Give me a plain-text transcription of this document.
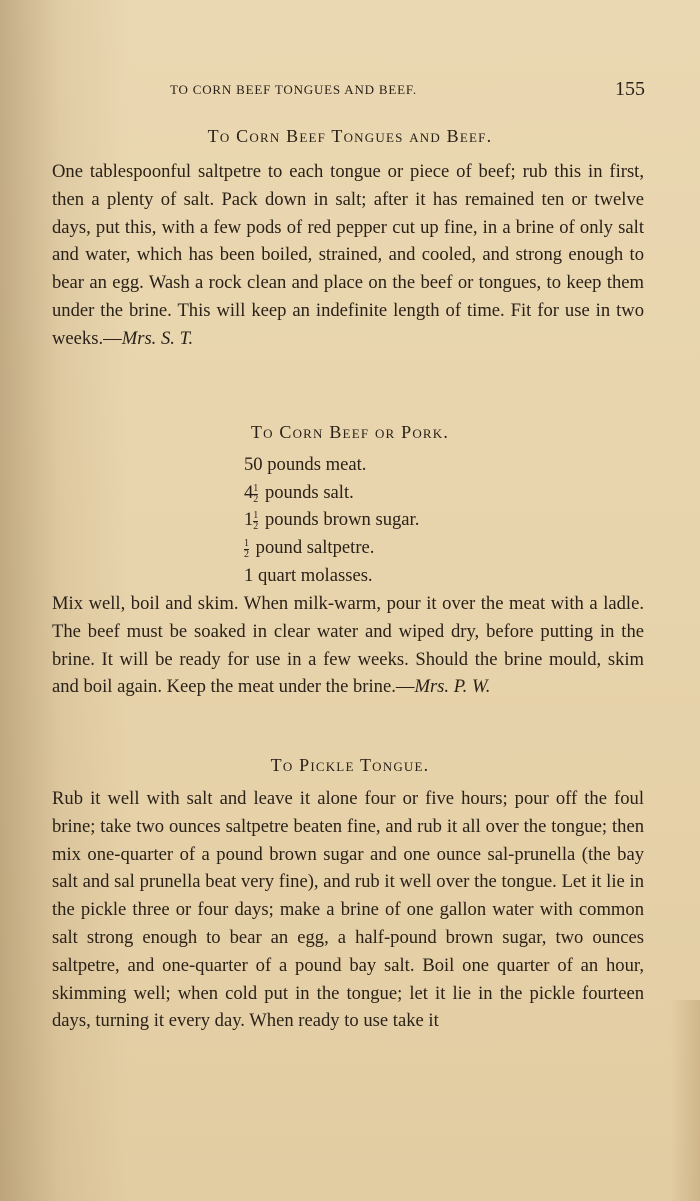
TO CORN BEEF TONGUES AND BEEF.	155
To Corn Beef Tongues and Beef.

One tablespoonful saltpetre to each tongue or piece of beef; rub this in first, then a plenty of salt. Pack down in salt; after it has remained ten or twelve days, put this, with a few pods of red pepper cut up fine, in a brine of only salt and water, which has been boiled, strained, and cooled, and strong enough to bear an egg. Wash a rock clean and place on the beef or tongues, to keep them under the brine. This will keep an indefinite length of time. Fit for use in two weeks.—Mrs. S. T.

To Corn Beef or Pork.
50 pounds meat.
$4 \frac{1}{2}$ pounds salt.
$1 \frac{1}{2}$ pounds brown sugar.
$\frac{1}{2}$ pound saltpetre.
1 quart molasses.

Mix well, boil and skim. When milk-warm, pour it over the meat with a ladle. The beef must be soaked in clear water and wiped dry, before putting in the brine. It will be ready for use in a few weeks. Should the brine mould, skim and boil again. Keep the meat under the brine.—Mrs. P. W.

To Pickle Tongue.

Rub it well with salt and leave it alone four or five hours; pour off the foul brine; take two ounces saltpetre beaten fine, and rub it all over the tongue; then mix one-quarter of a pound brown sugar and one ounce sal-prunella (the bay salt and sal prunella beat very fine), and rub it well over the tongue. Let it lie in the pickle three or four days; make a brine of one gallon water with common salt strong enough to bear an egg, a half-pound brown sugar, two ounces saltpetre, and one-quarter of a pound bay salt. Boil one quarter of an hour, skimming well; when cold put in the tongue; let it lie in the pickle fourteen days, turning it every day. When ready to use take it
